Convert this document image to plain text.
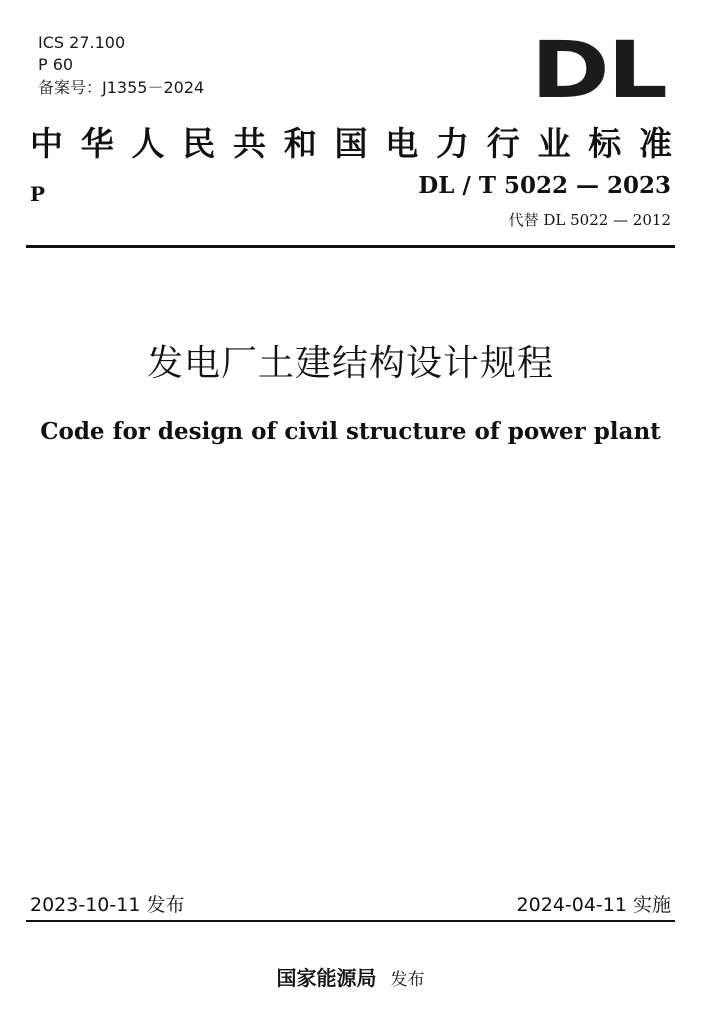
ICS 27.100
P 60
备案号：J1355－2024	DL
中 华 人 民 共 和 国 电 力 行 业 标 准
P	DL / T 5022 — 2023
代替 DL 5022 — 2012
发电厂土建结构设计规程
Code for design of civil structure of power plant
2023-10-11 发布	2024-04-11 实施
国家能源局 发布
